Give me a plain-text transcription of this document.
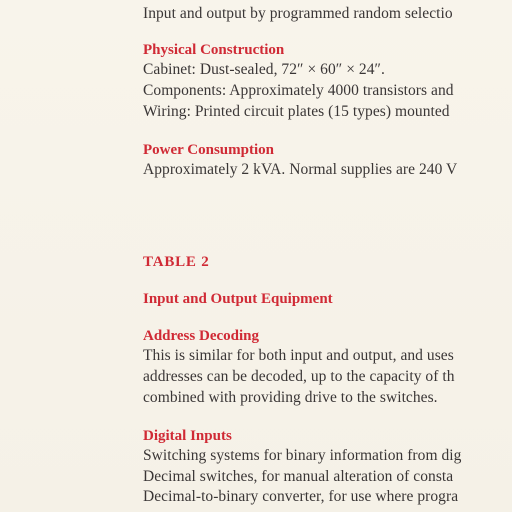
Input and output by programmed random selectio
Physical Construction
Cabinet: Dust-sealed, 72″ × 60″ × 24″.
Components: Approximately 4000 transistors and
Wiring: Printed circuit plates (15 types) mounted
Power Consumption
Approximately 2 kVA. Normal supplies are 240 V
TABLE 2
Input and Output Equipment
Address Decoding
This is similar for both input and output, and uses
addresses can be decoded, up to the capacity of th
combined with providing drive to the switches.
Digital Inputs
Switching systems for binary information from dig
Decimal switches, for manual alteration of consta
Decimal-to-binary converter, for use where progra
